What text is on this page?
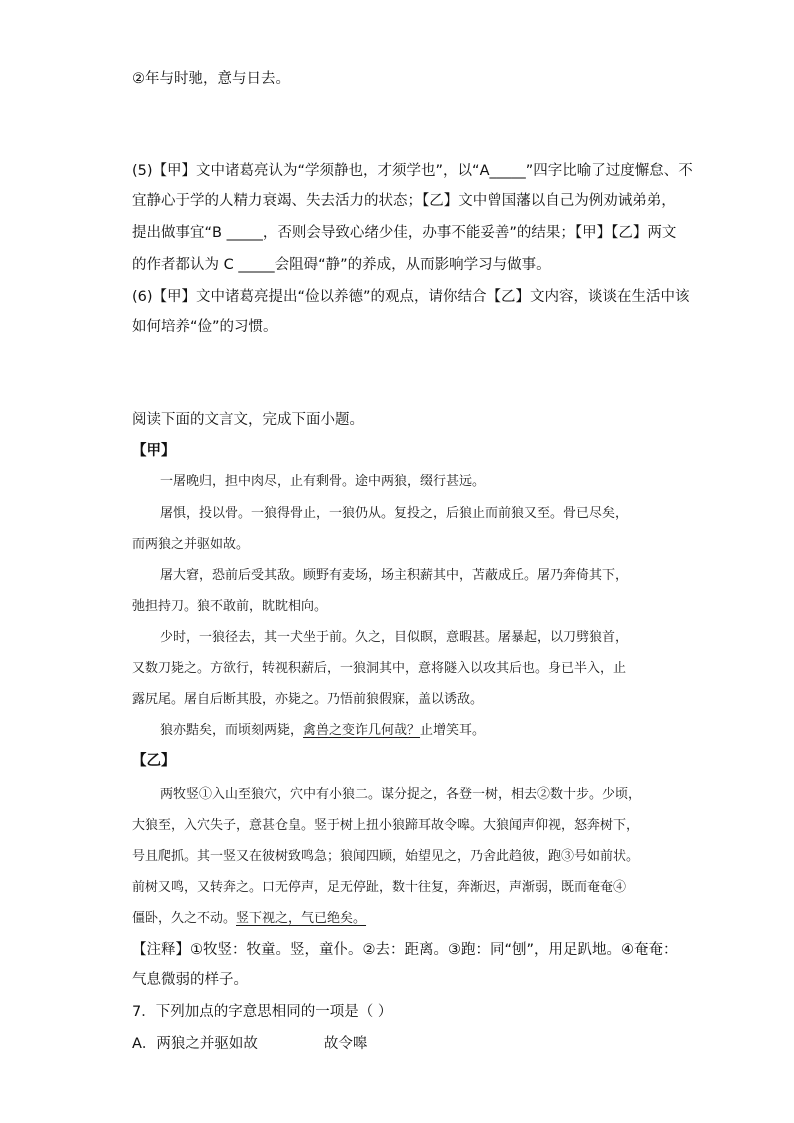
②年与时驰，意与日去。
(5)【甲】文中诸葛亮认为“学须静也，才须学也”，以“A_____”四字比喻了过度懈怠、不
宜静心于学的人精力衰竭、失去活力的状态；【乙】文中曾国藩以自己为例劝诫弟弟，
提出做事宜“B _____，否则会导致心绪少佳，办事不能妥善”的结果；【甲】【乙】两文
的作者都认为 C _____会阻碍“静”的养成，从而影响学习与做事。
(6)【甲】文中诸葛亮提出“俭以养德”的观点，请你结合【乙】文内容，谈谈在生活中该
如何培养“俭”的习惯。
阅读下面的文言文，完成下面小题。
【甲】
一屠晚归，担中肉尽，止有剩骨。途中两狼，缀行甚远。
屠惧，投以骨。一狼得骨止，一狼仍从。复投之，后狼止而前狼又至。骨已尽矣，
而两狼之并驱如故。
屠大窘，恐前后受其敌。顾野有麦场，场主积薪其中，苫蔽成丘。屠乃奔倚其下，
弛担持刀。狼不敢前，眈眈相向。
少时，一狼径去，其一犬坐于前。久之，目似瞑，意暇甚。屠暴起，以刀劈狼首，
又数刀毙之。方欲行，转视积薪后，一狼洞其中，意将隧入以攻其后也。身已半入，止
露尻尾。屠自后断其股，亦毙之。乃悟前狼假寐，盖以诱敌。
狼亦黠矣，而顷刻两毙，禽兽之变诈几何哉？止增笑耳。
【乙】
两牧竖①入山至狼穴，穴中有小狼二。谋分捉之，各登一树，相去②数十步。少顷，
大狼至，入穴失子，意甚仓皇。竖于树上扭小狼蹄耳故令嗥。大狼闻声仰视，怒奔树下，
号且爬抓。其一竖又在彼树致鸣急；狼闻四顾，始望见之，乃舍此趋彼，跑③号如前状。
前树又鸣，又转奔之。口无停声，足无停趾，数十往复，奔渐迟，声渐弱，既而奄奄④
僵卧，久之不动。竖下视之，气已绝矣。
【注释】①牧竖：牧童。竖，童仆。②去：距离。③跑：同“刨”，用足趴地。④奄奄：
气息微弱的样子。
7．下列加点的字意思相同的一项是（ ）
A．两狼之并驱如故	故令嗥
